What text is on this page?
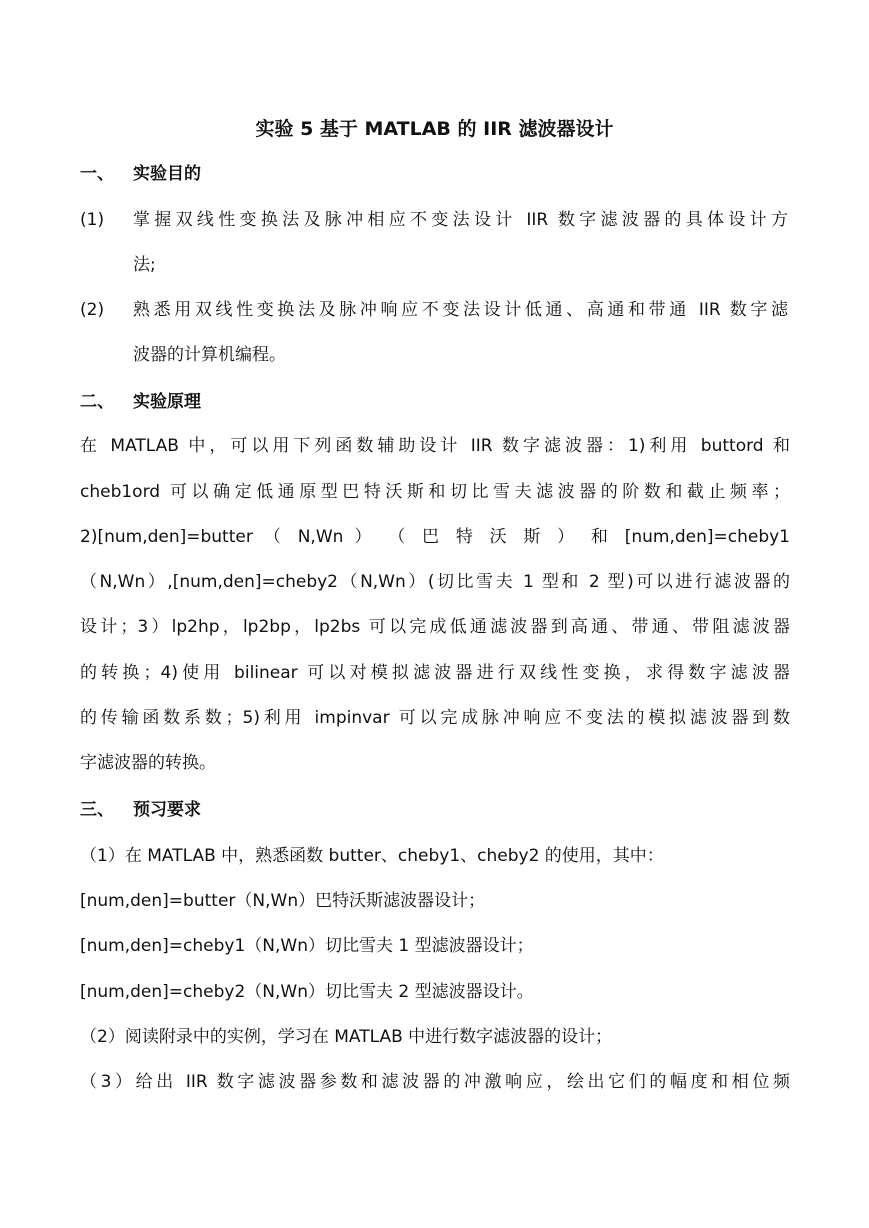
实验 5 基于 MATLAB 的 IIR 滤波器设计
一、 实验目的
(1) 掌握双线性变换法及脉冲相应不变法设计 IIR 数字滤波器的具体设计方
法;
(2) 熟悉用双线性变换法及脉冲响应不变法设计低通、高通和带通 IIR 数字滤
波器的计算机编程。
二、 实验原理
在 MATLAB 中，可以用下列函数辅助设计 IIR 数字滤波器：1)利用 buttord 和
cheb1ord 可以确定低通原型巴特沃斯和切比雪夫滤波器的阶数和截止频率；
2)[num,den]=butter （ N,Wn ） （ 巴 特 沃 斯 ） 和 [num,den]=cheby1
（N,Wn）,[num,den]=cheby2（N,Wn）(切比雪夫 1 型和 2 型)可以进行滤波器的
设计；3）lp2hp，lp2bp，lp2bs 可以完成低通滤波器到高通、带通、带阻滤波器
的转换；4)使用 bilinear 可以对模拟滤波器进行双线性变换，求得数字滤波器
的传输函数系数；5)利用 impinvar 可以完成脉冲响应不变法的模拟滤波器到数
字滤波器的转换。
三、 预习要求
（1）在 MATLAB 中，熟悉函数 butter、cheby1、cheby2 的使用，其中：
[num,den]=butter（N,Wn）巴特沃斯滤波器设计；
[num,den]=cheby1（N,Wn）切比雪夫 1 型滤波器设计；
[num,den]=cheby2（N,Wn）切比雪夫 2 型滤波器设计。
（2）阅读附录中的实例，学习在 MATLAB 中进行数字滤波器的设计；
（3）给出 IIR 数字滤波器参数和滤波器的冲激响应，绘出它们的幅度和相位频
